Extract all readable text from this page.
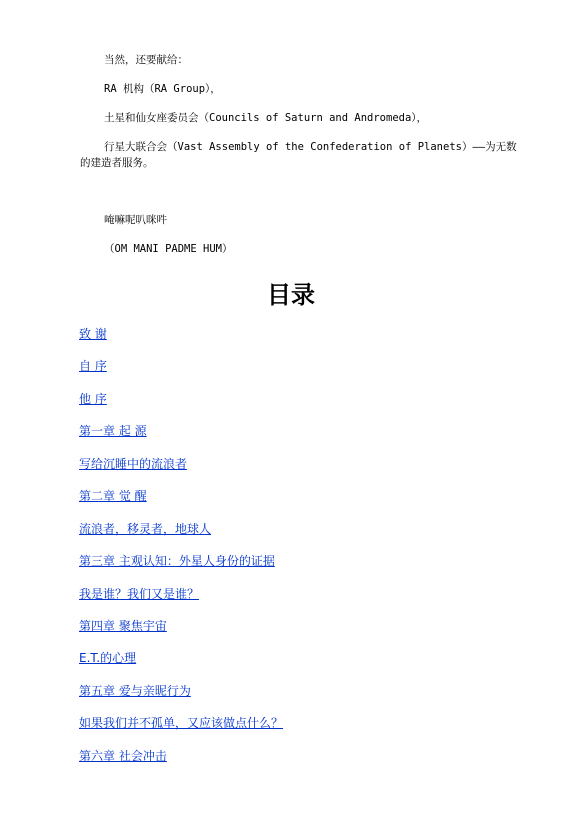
当然，还要献给：
RA 机构（RA Group），
土星和仙女座委员会（Councils of Saturn and Andromeda），
行星大联合会（Vast Assembly of the Confederation of Planets）——为无数的建造者服务。
唵嘛呢叭咪吽
（OM MANI PADME HUM）
目录
致 谢
自 序
他 序
第一章 起 源
写给沉睡中的流浪者
第二章 觉 醒
流浪者，移灵者，地球人
第三章 主观认知：外星人身份的证据
我是谁？我们又是谁？
第四章 聚焦宇宙
E.T.的心理
第五章 爱与亲昵行为
如果我们并不孤单，又应该做点什么？
第六章 社会冲击
